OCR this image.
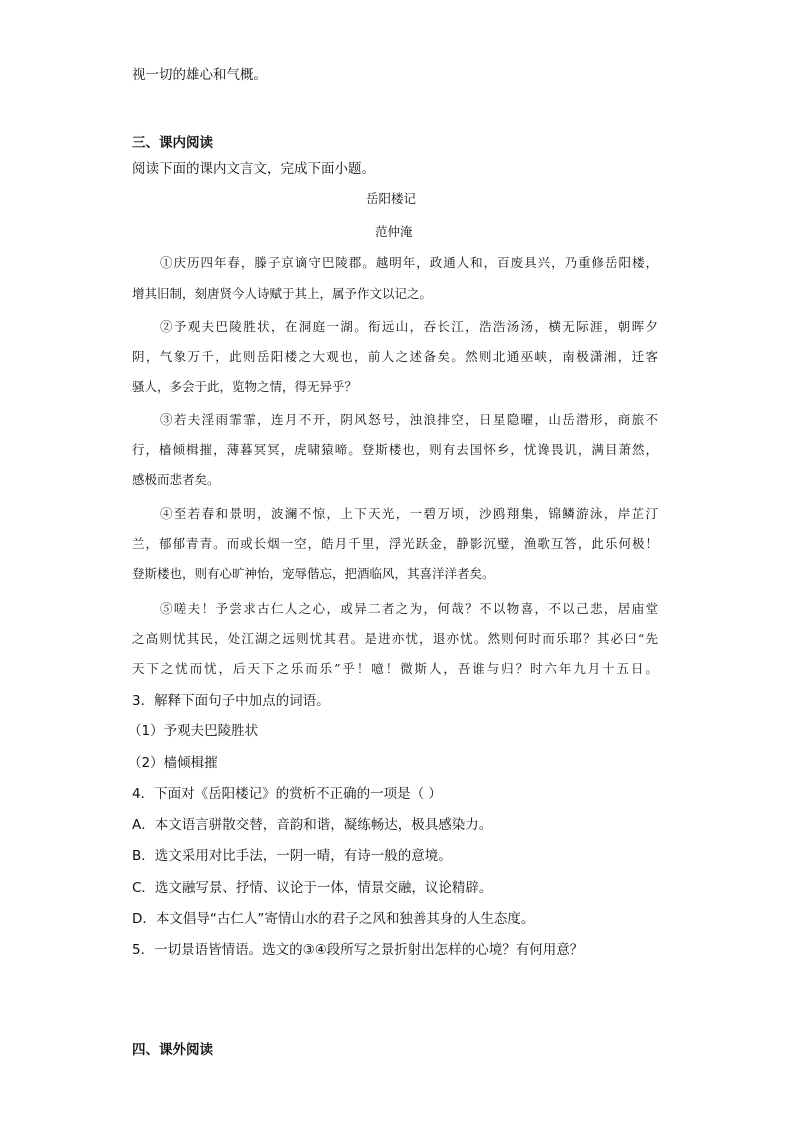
视一切的雄心和气概。
三、课内阅读
阅读下面的课内文言文，完成下面小题。
岳阳楼记
范仲淹
①庆历四年春，滕子京谪守巴陵郡。越明年，政通人和，百废具兴，乃重修岳阳楼，
增其旧制，刻唐贤今人诗赋于其上，属予作文以记之。
②予观夫巴陵胜状，在洞庭一湖。衔远山，吞长江，浩浩汤汤，横无际涯，朝晖夕
阴，气象万千，此则岳阳楼之大观也，前人之述备矣。然则北通巫峡，南极潇湘，迁客
骚人，多会于此，览物之情，得无异乎？
③若夫淫雨霏霏，连月不开，阴风怒号，浊浪排空，日星隐曜，山岳潜形，商旅不
行，樯倾楫摧，薄暮冥冥，虎啸猿啼。登斯楼也，则有去国怀乡，忧谗畏讥，满目萧然，
感极而悲者矣。
④至若春和景明，波澜不惊，上下天光，一碧万顷，沙鸥翔集，锦鳞游泳，岸芷汀
兰，郁郁青青。而或长烟一空，皓月千里，浮光跃金，静影沉璧，渔歌互答，此乐何极！
登斯楼也，则有心旷神怡，宠辱偕忘，把酒临风，其喜洋洋者矣。
⑤嗟夫！予尝求古仁人之心，或异二者之为，何哉？不以物喜，不以己悲，居庙堂
之高则忧其民，处江湖之远则忧其君。是进亦忧，退亦忧。然则何时而乐耶？其必曰“先
天下之忧而忧，后天下之乐而乐”乎！噫！微斯人，吾谁与归？时六年九月十五日。
3．解释下面句子中加点的词语。
（1）予观夫巴陵胜状
（2）樯倾楫摧
4．下面对《岳阳楼记》的赏析不正确的一项是（ ）
A．本文语言骈散交替，音韵和谐，凝练畅达，极具感染力。
B．选文采用对比手法，一阴一晴，有诗一般的意境。
C．选文融写景、抒情、议论于一体，情景交融，议论精辟。
D．本文倡导“古仁人”寄情山水的君子之风和独善其身的人生态度。
5．一切景语皆情语。选文的③④段所写之景折射出怎样的心境？有何用意？
四、课外阅读
